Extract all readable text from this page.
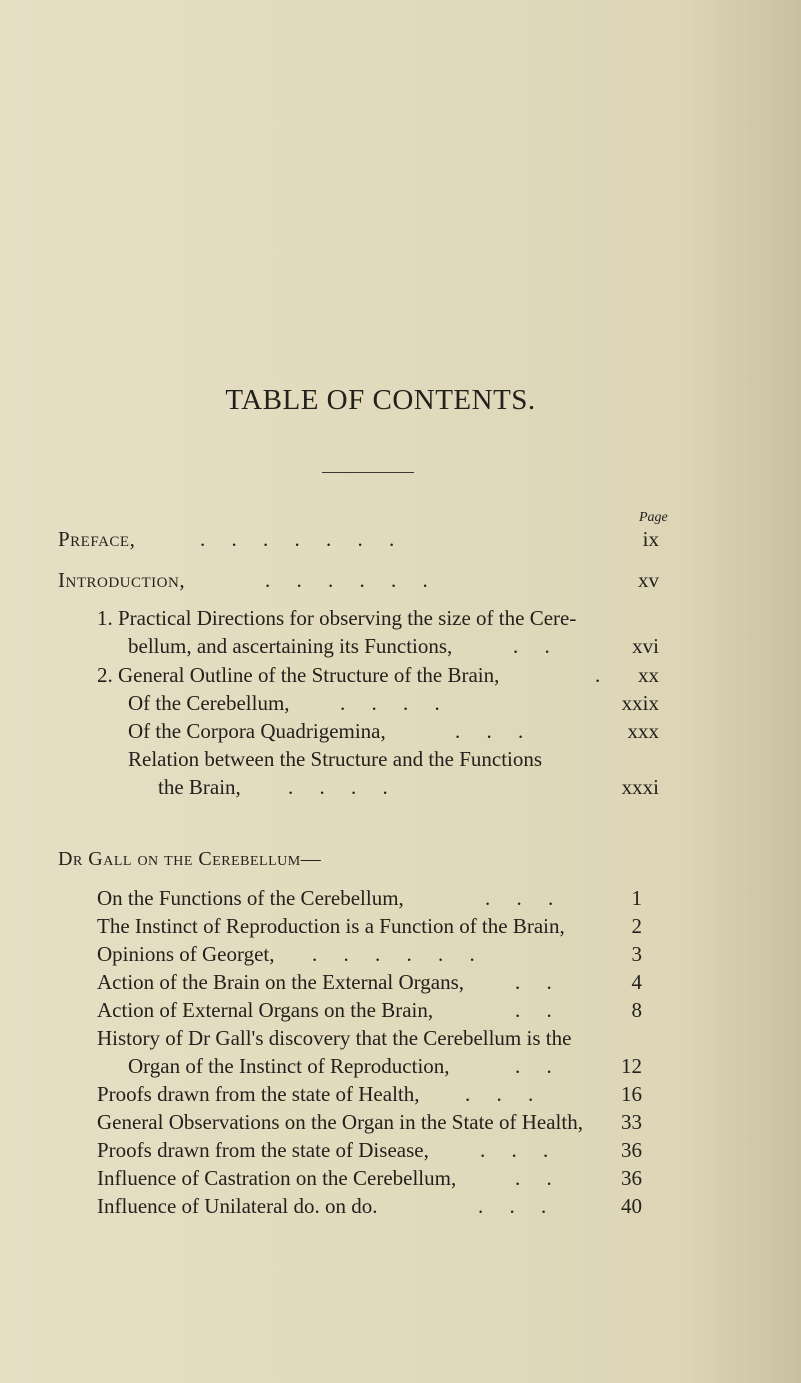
TABLE OF CONTENTS.
Page
Preface,	.     .     .     .     .     .     .	ix
Introduction,	.     .     .     .     .     .	xv
1. Practical Directions for observing the size of the Cere-
bellum, and ascertaining its Functions,	.     .	xvi
2. General Outline of the Structure of the Brain,	.	xx
Of the Cerebellum, .     .     .     .	xxix
Of the Corpora Quadrigemina,	.     .     .	xxx
Relation between the Structure and the Functions
the Brain, .     .     .     .	xxxi
Dr Gall on the Cerebellum—
On the Functions of the Cerebellum,	.     .     .	1
The Instinct of Reproduction is a Function of the Brain,	2
Opinions of Georget, .     .     .     .     .     .	3
Action of the Brain on the External Organs, .     .	4
Action of External Organs on the Brain,	.     .	8
History of Dr Gall's discovery that the Cerebellum is the
Organ of the Instinct of Reproduction,	.     .	12
Proofs drawn from the state of Health, .     .     .	16
General Observations on the Organ in the State of Health,	33
Proofs drawn from the state of Disease, .     .     .	36
Influence of Castration on the Cerebellum,	.     .	36
Influence of Unilateral do. on do.	.     .     .	40
